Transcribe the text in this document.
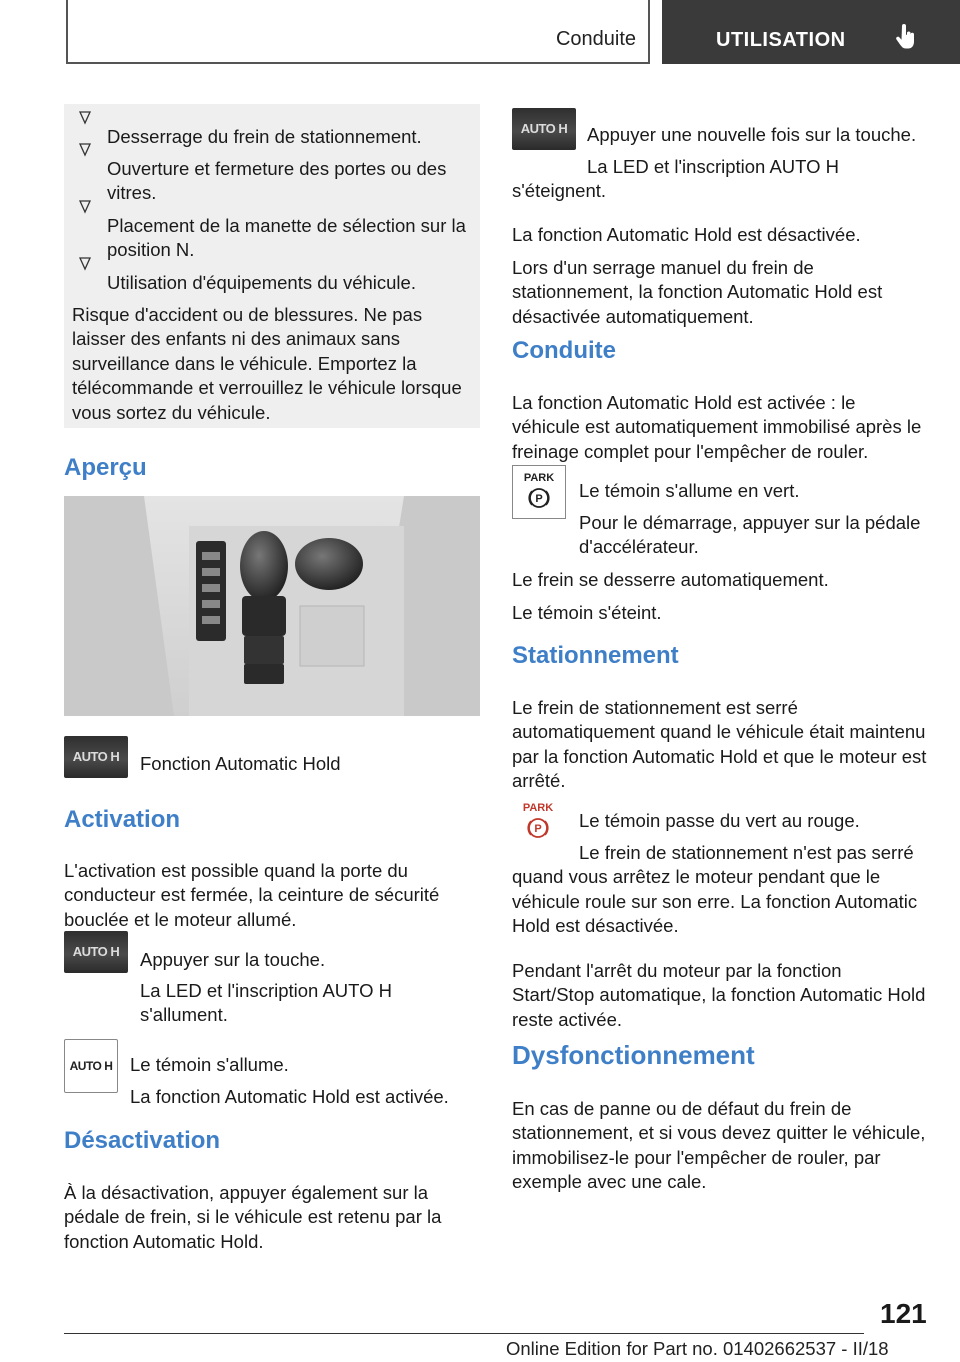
Conduite	UTILISATION

Desserrage du frein de stationnement.

Ouverture et fermeture des portes ou des vitres.

Placement de la manette de sélection sur la position N.

Utilisation d'équipements du véhicule.

Risque d'accident ou de blessures. Ne pas laisser des enfants ni des animaux sans surveillance dans le véhicule. Emportez la télécommande et verrouillez le véhicule lorsque vous sortez du véhicule.

Aperçu
AUTO H	Fonction Automatic Hold

Activation

L'activation est possible quand la porte du conducteur est fermée, la ceinture de sécurité bouclée et le moteur allumé.

AUTO H	Appuyer sur la touche.

La LED et l'inscription AUTO H s'allument.

AUTO H Le témoin s'allume.

La fonction Automatic Hold est activée.

Désactivation

À la désactivation, appuyer également sur la pédale de frein, si le véhicule est retenu par la fonction Automatic Hold.

AUTO H	Appuyer une nouvelle fois sur la touche.

La LED et l'inscription AUTO H s'éteignent.

La fonction Automatic Hold est désactivée.

Lors d'un serrage manuel du frein de stationnement, la fonction Automatic Hold est désactivée automatiquement.

Conduite

La fonction Automatic Hold est activée : le véhicule est automatiquement immobilisé après le freinage complet pour l'empêcher de rouler.

PARK
P Le témoin s'allume en vert.

Pour le démarrage, appuyer sur la pédale d'accélérateur.

Le frein se desserre automatiquement.

Le témoin s'éteint.

Stationnement

Le frein de stationnement est serré automatiquement quand le véhicule était maintenu par la fonction Automatic Hold et que le moteur est arrêté.

PARK
P Le témoin passe du vert au rouge.

Le frein de stationnement n'est pas serré quand vous arrêtez le moteur pendant que le véhicule roule sur son erre. La fonction Automatic Hold est désactivée.

Pendant l'arrêt du moteur par la fonction Start/Stop automatique, la fonction Automatic Hold reste activée.

Dysfonctionnement

En cas de panne ou de défaut du frein de stationnement, et si vous devez quitter le véhicule, immobilisez-le pour l'empêcher de rouler, par exemple avec une cale.

121
Online Edition for Part no. 01402662537 - II/18
